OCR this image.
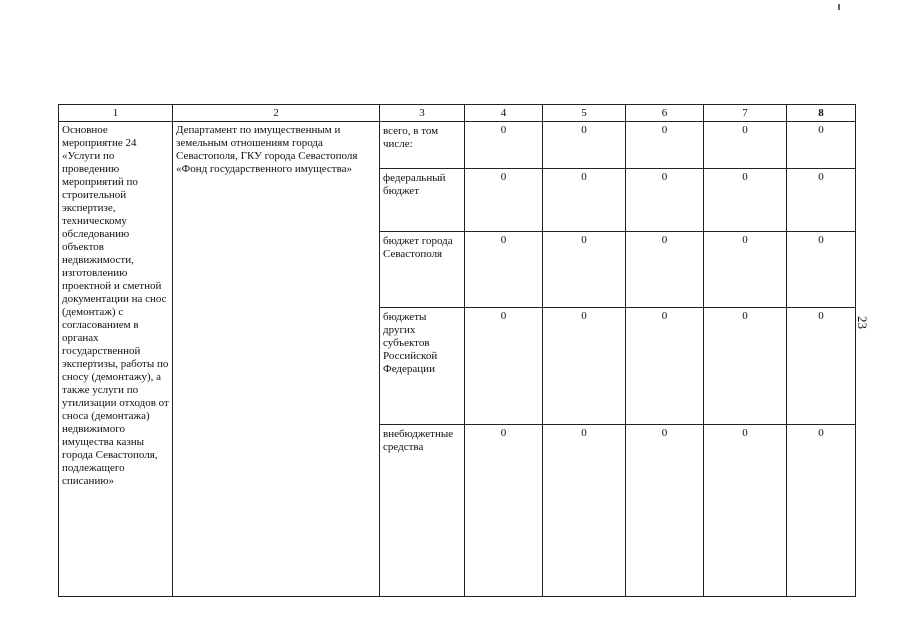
1	2	3	4	5	6	7	8
Основное мероприятие 24 «Услуги по проведению мероприятий по строительной экспертизе, техническому обследованию объектов недвижимости, изготовлению проектной и сметной документации на снос (демонтаж) с согласованием в органах государственной экспертизы, работы по сносу (демонтажу), а также услуги по утилизации отходов от сноса (демонтажа) недвижимого имущества казны города Севастополя, подлежащего списанию»	Департамент по имущественным и земельным отношениям города Севастополя, ГКУ города Севастополя «Фонд государственного имущества»	всего, в том числе:	0	0	0	0	0
		федеральный бюджет	0	0	0	0	0
		бюджет города Севастополя	0	0	0	0	0
		бюджеты других субъектов Российской Федерации	0	0	0	0	0
		внебюджетные средства	0	0	0	0	0
23
